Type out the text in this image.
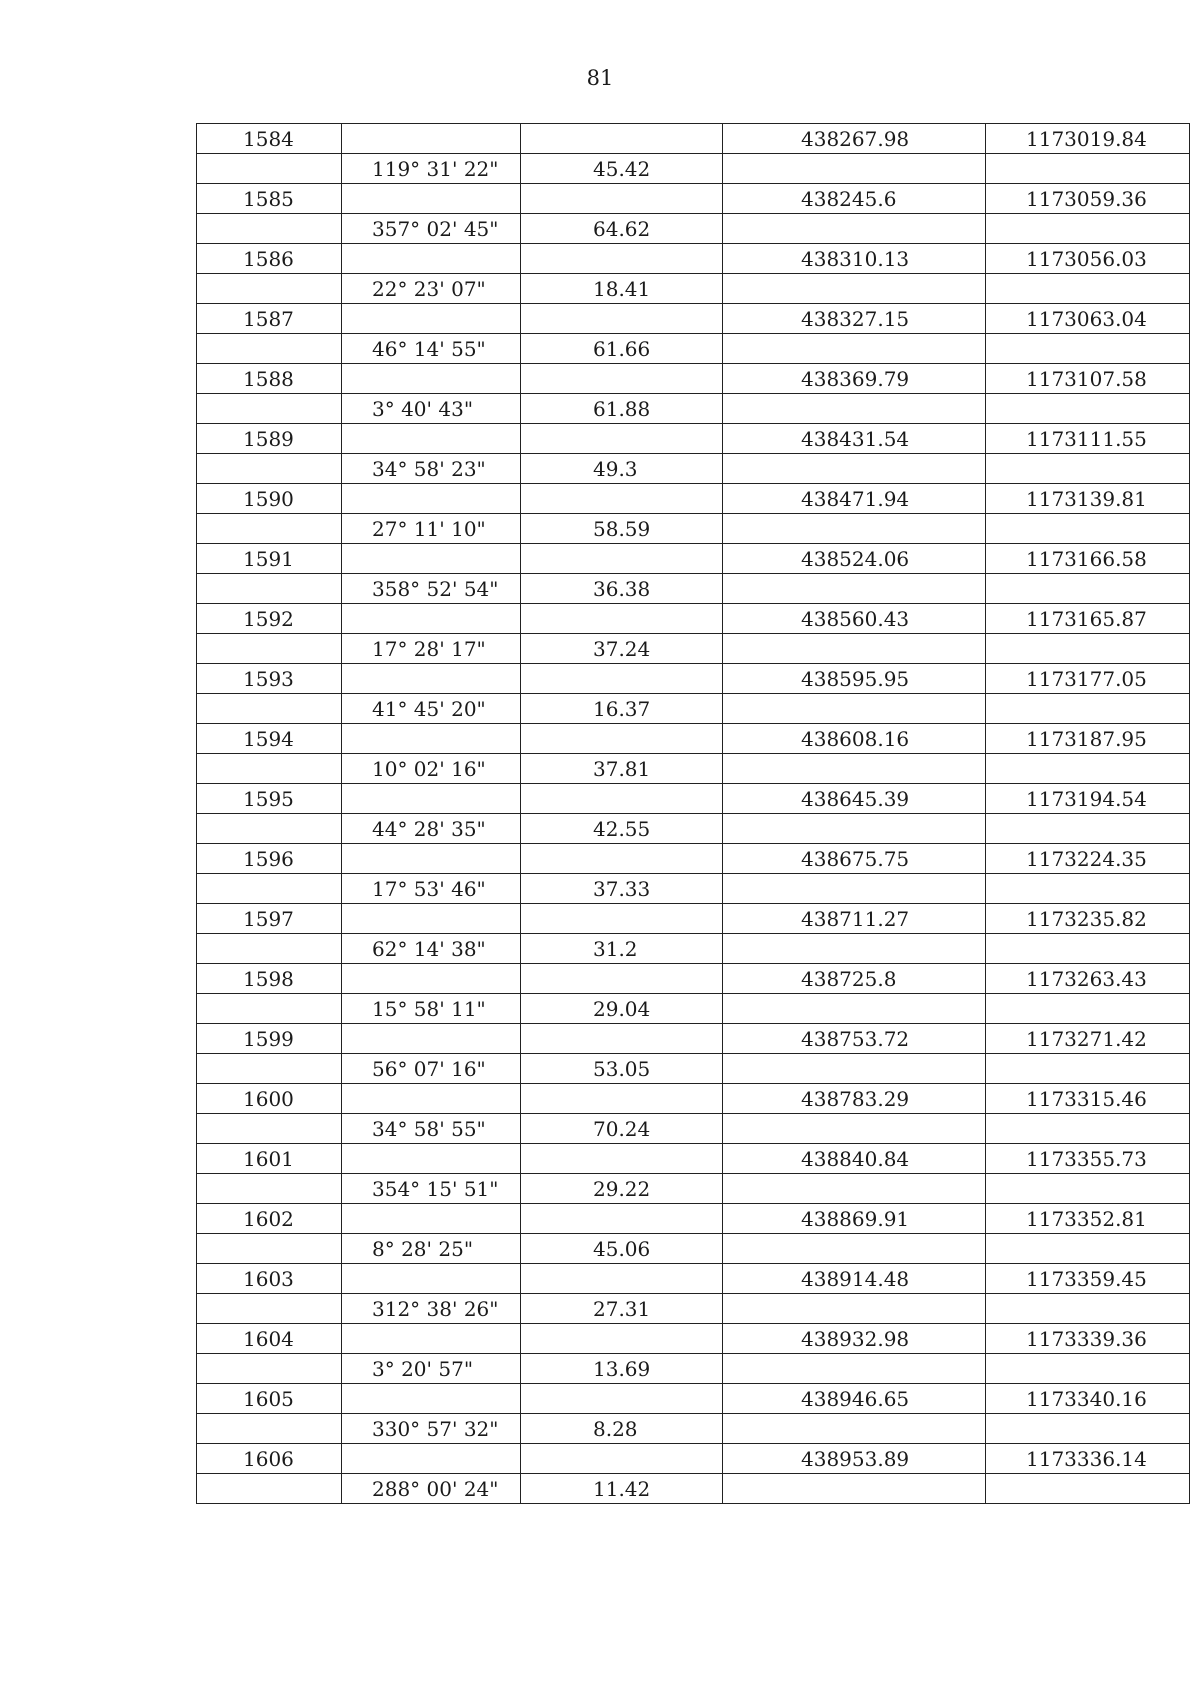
81
1584			438267.98	1173019.84
	119° 31' 22"	45.42		
1585			438245.6	1173059.36
	357° 02' 45"	64.62		
1586			438310.13	1173056.03
	22° 23' 07"	18.41		
1587			438327.15	1173063.04
	46° 14' 55"	61.66		
1588			438369.79	1173107.58
	3° 40' 43"	61.88		
1589			438431.54	1173111.55
	34° 58' 23"	49.3		
1590			438471.94	1173139.81
	27° 11' 10"	58.59		
1591			438524.06	1173166.58
	358° 52' 54"	36.38		
1592			438560.43	1173165.87
	17° 28' 17"	37.24		
1593			438595.95	1173177.05
	41° 45' 20"	16.37		
1594			438608.16	1173187.95
	10° 02' 16"	37.81		
1595			438645.39	1173194.54
	44° 28' 35"	42.55		
1596			438675.75	1173224.35
	17° 53' 46"	37.33		
1597			438711.27	1173235.82
	62° 14' 38"	31.2		
1598			438725.8	1173263.43
	15° 58' 11"	29.04		
1599			438753.72	1173271.42
	56° 07' 16"	53.05		
1600			438783.29	1173315.46
	34° 58' 55"	70.24		
1601			438840.84	1173355.73
	354° 15' 51"	29.22		
1602			438869.91	1173352.81
	8° 28' 25"	45.06		
1603			438914.48	1173359.45
	312° 38' 26"	27.31		
1604			438932.98	1173339.36
	3° 20' 57"	13.69		
1605			438946.65	1173340.16
	330° 57' 32"	8.28		
1606			438953.89	1173336.14
	288° 00' 24"	11.42		
